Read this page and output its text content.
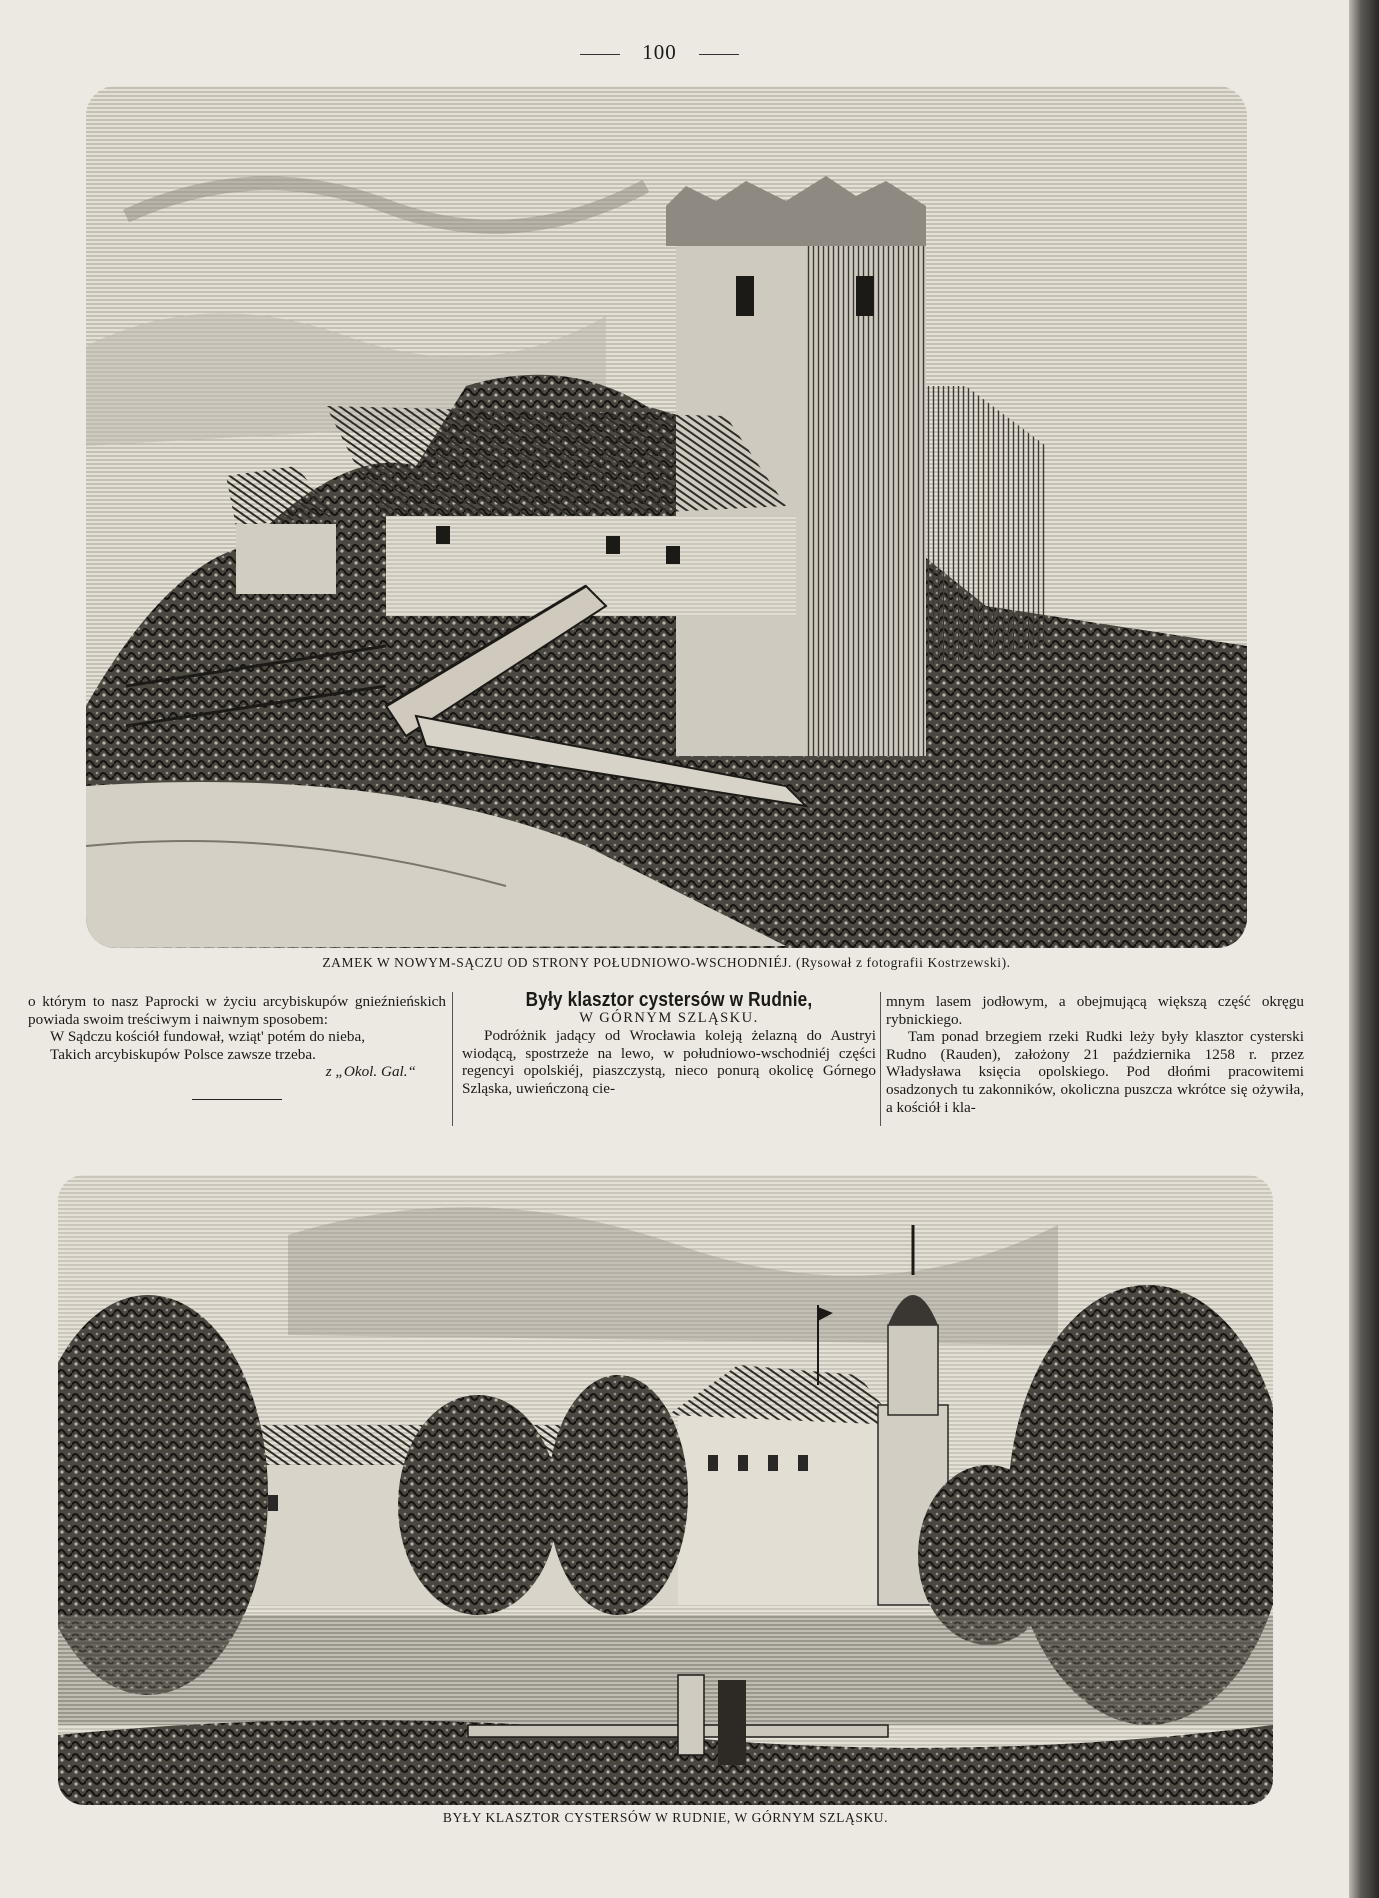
100
ZAMEK W NOWYM-SĄCZU OD STRONY POŁUDNIOWO-WSCHODNIÉJ. (Rysował z fotografii Kostrzewski).

o którym to nasz Paprocki w życiu arcybiskupów gnieźnieńskich powiada swoim treściwym i naiwnym sposobem:

W Sądczu kościół fundował, wziąt' potém do nieba,

Takich arcybiskupów Polsce zawsze trzeba.

z „Okol. Gal.“

Były klasztor cystersów w Rudnie,

W GÓRNYM SZLĄSKU.

Podróżnik jadący od Wrocławia koleją żelazną do Austryi wiodącą, spostrzeże na lewo, w południowo-wschodniéj części regencyi opolskiéj, piaszczystą, nieco ponurą okolicę Górnego Szląska, uwieńczoną cie-

mnym lasem jodłowym, a obejmującą większą część okręgu rybnickiego.

Tam ponad brzegiem rzeki Rudki leży były klasztor cysterski Rudno (Rauden), założony 21 października 1258 r. przez Władysława księcia opolskiego. Pod dłońmi pracowitemi osadzonych tu zakonników, okoliczna puszcza wkrótce się ożywiła, a kościół i kla-

BYŁY KLASZTOR CYSTERSÓW W RUDNIE, W GÓRNYM SZLĄSKU.
